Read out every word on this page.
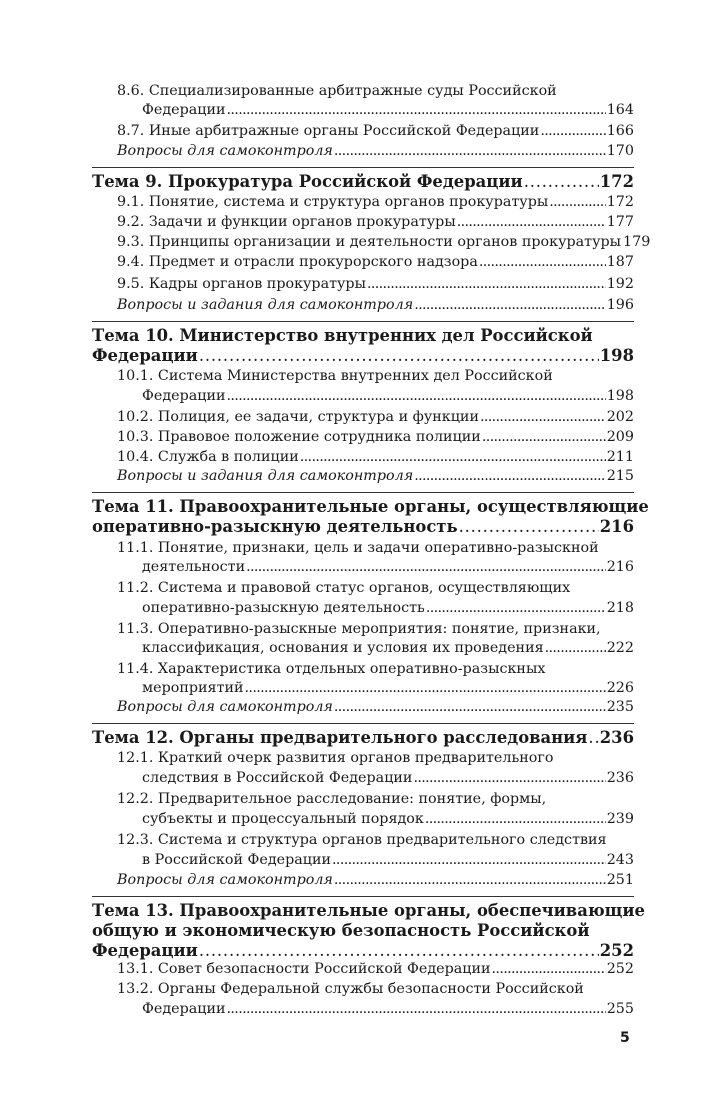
8.6. Специализированные арбитражные суды Российской
Федерации . . .	164
8.7. Иные арбитражные органы Российской Федерации . . .	166
Вопросы для самоконтроля . . .	170
Тема 9. Прокуратура Российской Федерации . . .	172
9.1. Понятие, система и структура органов прокуратуры . . .	172
9.2. Задачи и функции органов прокуратуры . . .	177
9.3. Принципы организации и деятельности органов прокуратуры 179
9.4. Предмет и отрасли прокурорского надзора . . .	187
9.5. Кадры органов прокуратуры . . .	192
Вопросы и задания для самоконтроля . . .	196
Тема 10. Министерство внутренних дел Российской
Федерации . . .	198
10.1. Система Министерства внутренних дел Российской
Федерации . . .	198
10.2. Полиция, ее задачи, структура и функции . . .	202
10.3. Правовое положение сотрудника полиции . . .	209
10.4. Служба в полиции . . .	211
Вопросы и задания для самоконтроля . . .	215
Тема 11. Правоохранительные органы, осуществляющие
оперативно-разыскную деятельность . . .	216
11.1. Понятие, признаки, цель и задачи оперативно-разыскной
деятельности . . .	216
11.2. Система и правовой статус органов, осуществляющих
оперативно-разыскную деятельность . . .	218
11.3. Оперативно-разыскные мероприятия: понятие, признаки,
классификация, основания и условия их проведения . . .	222
11.4. Характеристика отдельных оперативно-разыскных
мероприятий . . .	226
Вопросы для самоконтроля . . .	235
Тема 12. Органы предварительного расследования . . . 236
12.1. Краткий очерк развития органов предварительного
следствия в Российской Федерации . . .	236
12.2. Предварительное расследование: понятие, формы,
субъекты и процессуальный порядок . . .	239
12.3. Система и структура органов предварительного следствия
в Российской Федерации . . .	243
Вопросы для самоконтроля . . .	251
Тема 13. Правоохранительные органы, обеспечивающие
общую и экономическую безопасность Российской
Федерации . . .	252
13.1. Совет безопасности Российской Федерации . . .	252
13.2. Органы Федеральной службы безопасности Российской
Федерации . . .	255
5
